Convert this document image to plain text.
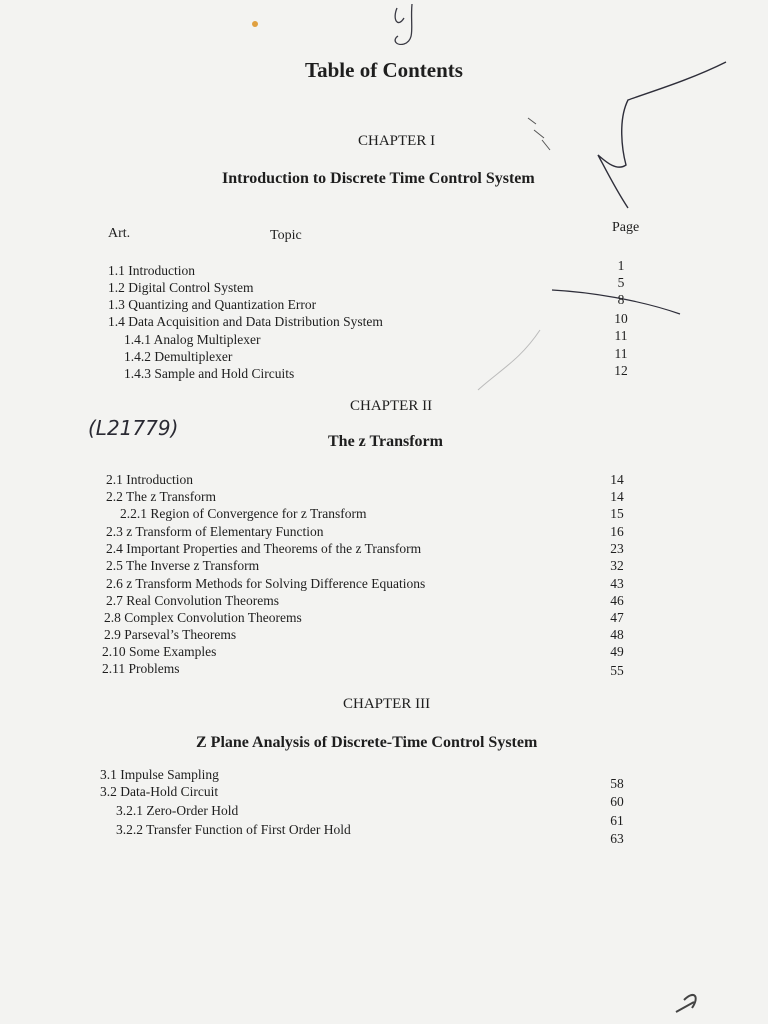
Table of Contents
CHAPTER I
Introduction to Discrete Time Control System
Art.	Topic
Page
1.1 Introduction
1.2 Digital Control System
1.3 Quantizing and Quantization Error
1.4 Data Acquisition and Data Distribution System
1.4.1 Analog Multiplexer
1.4.2 Demultiplexer
1.4.3 Sample and Hold Circuits
1
5
8
10
11
11
12
CHAPTER II
(L21779)
The z Transform
2.1 Introduction
2.2 The z Transform
2.2.1 Region of Convergence for z Transform
2.3 z Transform of Elementary Function
2.4 Important Properties and Theorems of the z Transform
2.5 The Inverse z Transform
2.6 z Transform Methods for Solving Difference Equations
2.7 Real Convolution Theorems
2.8 Complex Convolution Theorems
2.9 Parseval’s Theorems
2.10 Some Examples
2.11 Problems
14
14
15
16
23
32
43
46
47
48
49
55
CHAPTER III
Z Plane Analysis of Discrete-Time Control System
3.1 Impulse Sampling
3.2 Data-Hold Circuit
3.2.1 Zero-Order Hold
3.2.2 Transfer Function of First Order Hold
58
60
61
63
